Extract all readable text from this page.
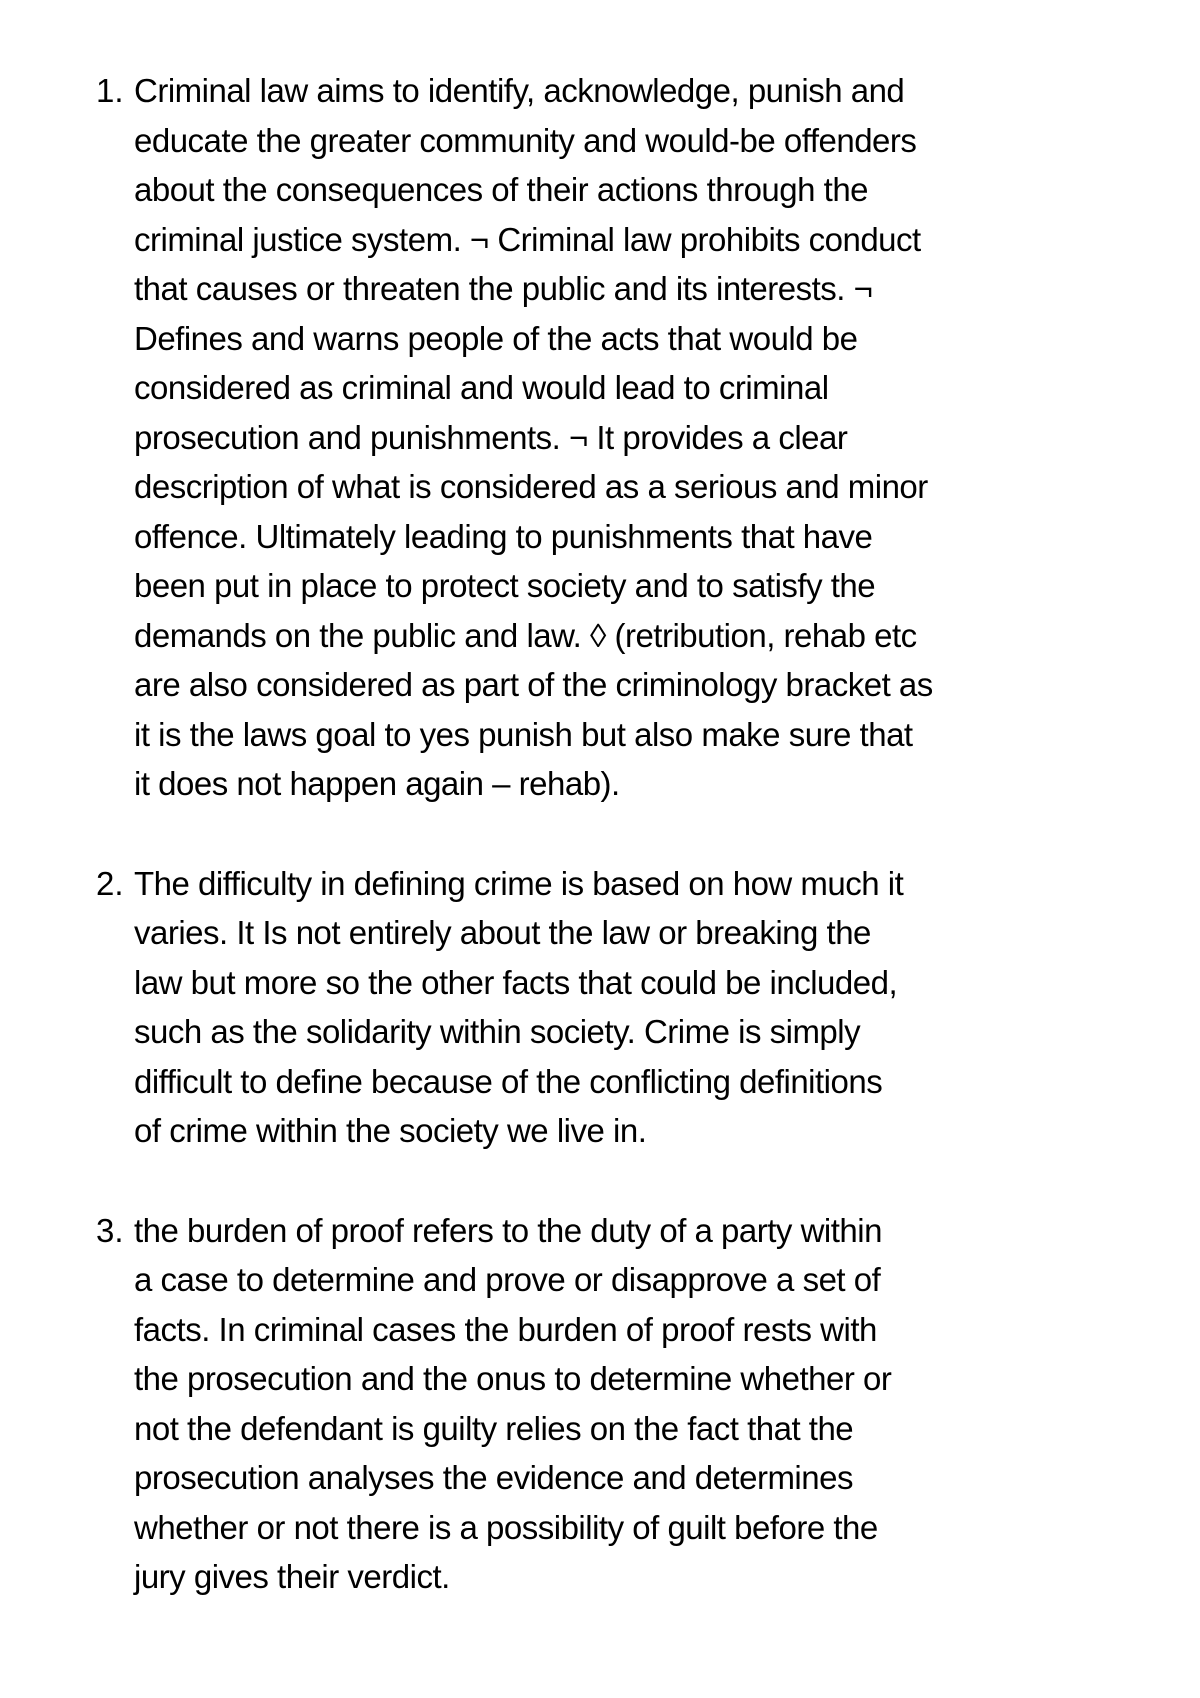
1. Criminal law aims to identify, acknowledge, punish and
educate the greater community and would-be offenders
about the consequences of their actions through the
criminal justice system. ¬ Criminal law prohibits conduct
that causes or threaten the public and its interests. ¬
Defines and warns people of the acts that would be
considered as criminal and would lead to criminal
prosecution and punishments. ¬ It provides a clear
description of what is considered as a serious and minor
offence. Ultimately leading to punishments that have
been put in place to protect society and to satisfy the
demands on the public and law. ◊ (retribution, rehab etc
are also considered as part of the criminology bracket as
it is the laws goal to yes punish but also make sure that
it does not happen again – rehab).
2. The difficulty in defining crime is based on how much it
varies. It Is not entirely about the law or breaking the
law but more so the other facts that could be included,
such as the solidarity within society. Crime is simply
difficult to define because of the conflicting definitions
of crime within the society we live in.
3. the burden of proof refers to the duty of a party within
a case to determine and prove or disapprove a set of
facts. In criminal cases the burden of proof rests with
the prosecution and the onus to determine whether or
not the defendant is guilty relies on the fact that the
prosecution analyses the evidence and determines
whether or not there is a possibility of guilt before the
jury gives their verdict.
